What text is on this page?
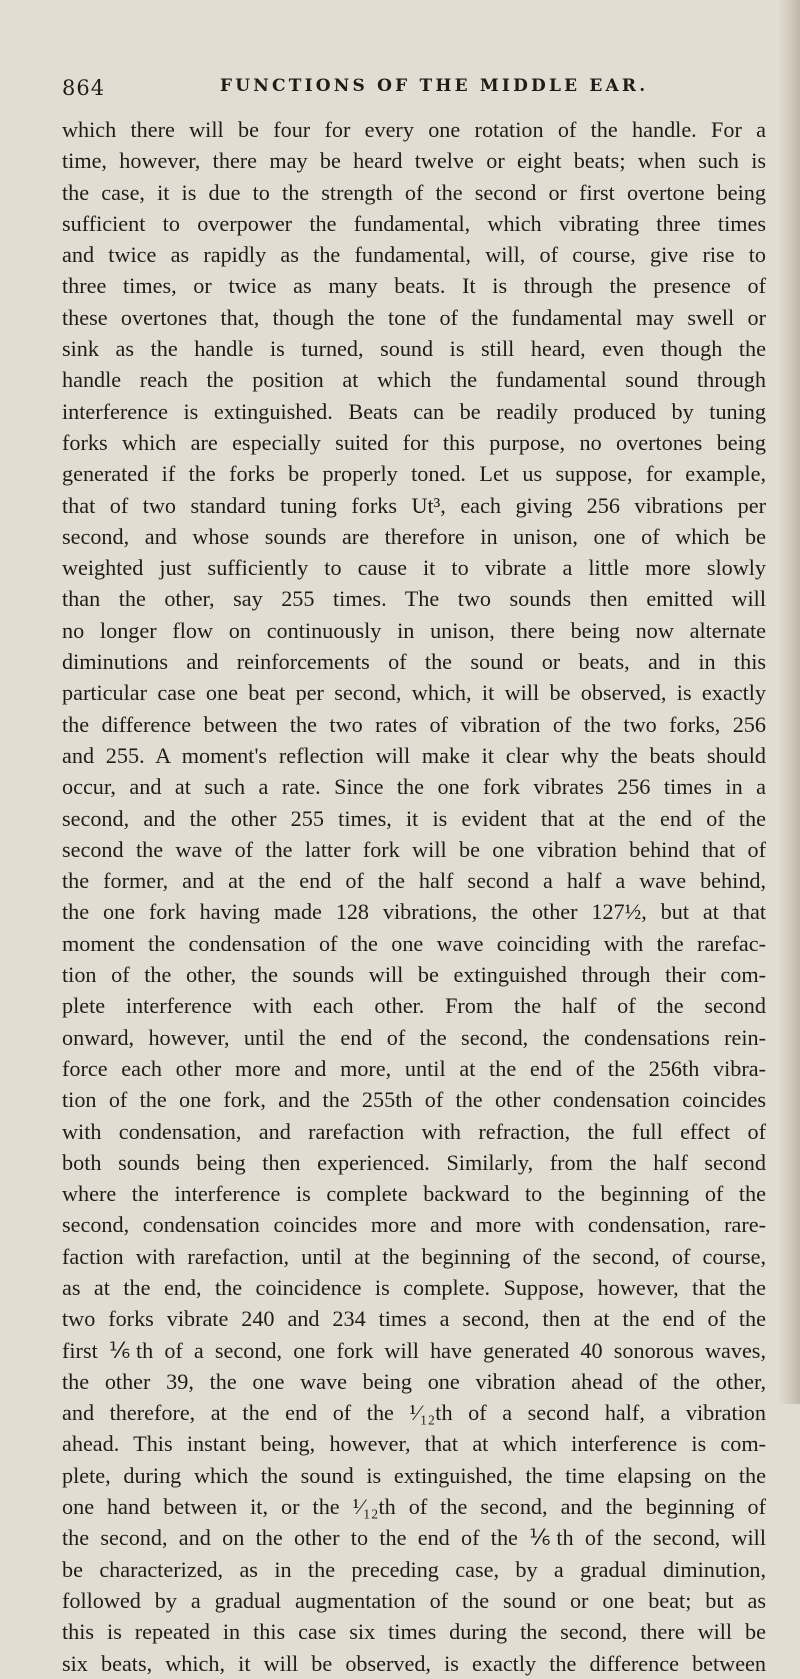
864	FUNCTIONS OF THE MIDDLE EAR.
which there will be four for every one rotation of the handle. For a
time, however, there may be heard twelve or eight beats; when such is
the case, it is due to the strength of the second or first overtone being
sufficient to overpower the fundamental, which vibrating three times
and twice as rapidly as the fundamental, will, of course, give rise to
three times, or twice as many beats. It is through the presence of
these overtones that, though the tone of the fundamental may swell or
sink as the handle is turned, sound is still heard, even though the
handle reach the position at which the fundamental sound through
interference is extinguished. Beats can be readily produced by tuning
forks which are especially suited for this purpose, no overtones being
generated if the forks be properly toned. Let us suppose, for example,
that of two standard tuning forks Ut³, each giving 256 vibrations per
second, and whose sounds are therefore in unison, one of which be
weighted just sufficiently to cause it to vibrate a little more slowly
than the other, say 255 times. The two sounds then emitted will
no longer flow on continuously in unison, there being now alternate
diminutions and reinforcements of the sound or beats, and in this
particular case one beat per second, which, it will be observed, is exactly
the difference between the two rates of vibration of the two forks, 256
and 255. A moment's reflection will make it clear why the beats should
occur, and at such a rate. Since the one fork vibrates 256 times in a
second, and the other 255 times, it is evident that at the end of the
second the wave of the latter fork will be one vibration behind that of
the former, and at the end of the half second a half a wave behind,
the one fork having made 128 vibrations, the other 127½, but at that
moment the condensation of the one wave coinciding with the rarefac-
tion of the other, the sounds will be extinguished through their com-
plete interference with each other. From the half of the second
onward, however, until the end of the second, the condensations rein-
force each other more and more, until at the end of the 256th vibra-
tion of the one fork, and the 255th of the other condensation coincides
with condensation, and rarefaction with refraction, the full effect of
both sounds being then experienced. Similarly, from the half second
where the interference is complete backward to the beginning of the
second, condensation coincides more and more with condensation, rare-
faction with rarefaction, until at the beginning of the second, of course,
as at the end, the coincidence is complete. Suppose, however, that the
two forks vibrate 240 and 234 times a second, then at the end of the
first ⅙th of a second, one fork will have generated 40 sonorous waves,
the other 39, the one wave being one vibration ahead of the other,
and therefore, at the end of the ¹⁄₁₂th of a second half, a vibration
ahead. This instant being, however, that at which interference is com-
plete, during which the sound is extinguished, the time elapsing on the
one hand between it, or the ¹⁄₁₂th of the second, and the beginning of
the second, and on the other to the end of the ⅙th of the second, will
be characterized, as in the preceding case, by a gradual diminution,
followed by a gradual augmentation of the sound or one beat; but as
this is repeated in this case six times during the second, there will be
six beats, which, it will be observed, is exactly the difference between
